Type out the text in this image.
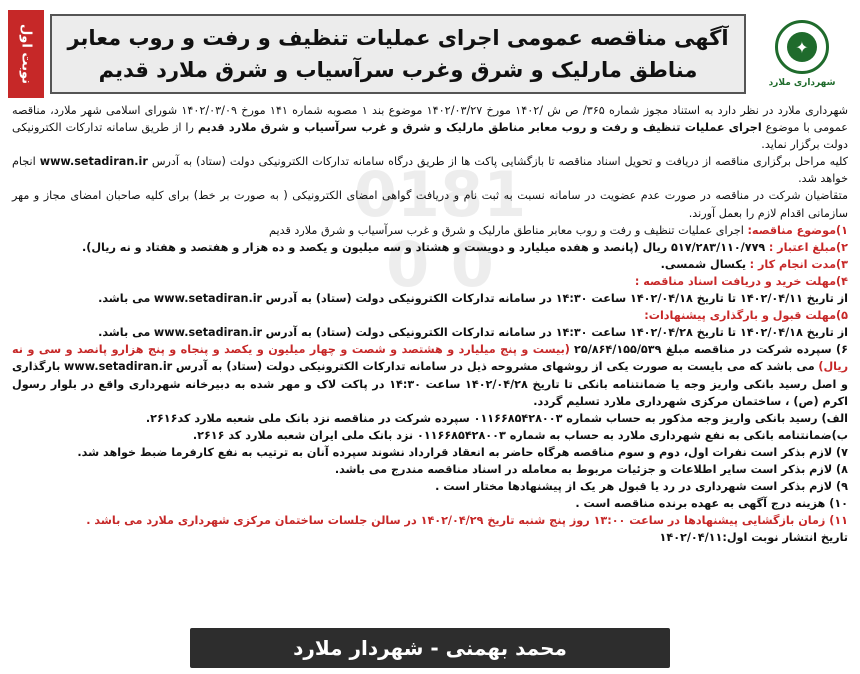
✦
شهرداری ملارد
آگهی مناقصه عمومی اجرای عملیات تنظیف و رفت و روب معابر
مناطق مارلیک و شرق وغرب سرآسیاب و شرق ملارد قدیم
نوبت اول
0181
0 0

شهرداری ملارد در نظر دارد به استناد مجوز شماره ۳۶۵/ ص ش /۱۴۰۲ مورخ ۱۴۰۲/۰۳/۲۷ موضوع بند ۱ مصوبه شماره ۱۴۱ مورخ ۱۴۰۲/۰۳/۰۹ شورای اسلامی شهر ملارد، مناقصه عمومی با موضوع اجرای عملیات تنظیف و رفت و روب معابر مناطق مارلیک و شرق و غرب سرآسیاب و شرق ملارد قدیم را از طریق سامانه تدارکات الکترونیکی دولت برگزار نماید.

کلیه مراحل برگزاری مناقصه از دریافت و تحویل اسناد مناقصه تا بازگشایی پاکت ها از طریق درگاه سامانه تدارکات الکترونیکی دولت (ستاد) به آدرس www.setadiran.ir انجام خواهد شد.

متقاضیان شرکت در مناقصه در صورت عدم عضویت در سامانه نسبت به ثبت نام و دریافت گواهی امضای الکترونیکی ( به صورت بر خط) برای کلیه صاحبان امضای مجاز و مهر سازمانی اقدام لازم را بعمل آورند.

۱)موضوع مناقصه: اجرای عملیات تنظیف و رفت و روب معابر مناطق مارلیک و شرق و غرب سرآسیاب و شرق ملارد قدیم

۲)مبلغ اعتبار : ۵۱۷/۲۸۳/۱۱۰/۷۷۹ ریال (پانصد و هفده میلیارد و دویست و هشتاد و سه میلیون و یکصد و ده هزار و هفتصد و هفتاد و نه ریال).

۳)مدت انجام کار : یکسال شمسی.

۴)مهلت خرید و دریافت اسناد مناقصه :

از تاریخ ۱۴۰۲/۰۴/۱۱ تا تاریخ ۱۴۰۲/۰۴/۱۸ ساعت ۱۴:۳۰ در سامانه تدارکات الکترونیکی دولت (ستاد) به آدرس www.setadiran.ir می باشد.

۵)مهلت قبول و بارگذاری پیشنهادات:

از تاریخ ۱۴۰۲/۰۴/۱۸ تا تاریخ ۱۴۰۲/۰۴/۲۸ ساعت ۱۴:۳۰ در سامانه تدارکات الکترونیکی دولت (ستاد) به آدرس www.setadiran.ir می باشد.

۶) سپرده شرکت در مناقصه مبلغ ۲۵/۸۶۴/۱۵۵/۵۳۹ (بیست و پنج میلیارد و هشتصد و شصت و چهار میلیون و یکصد و پنجاه و پنج هزارو پانصد و سی و نه ریال) می باشد که می بایست به صورت یکی از روشهای مشروحه ذیل در سامانه تدارکات الکترونیکی دولت (ستاد) به آدرس www.setadiran.ir بارگذاری و اصل رسید بانکی واریز وجه یا ضمانتنامه بانکی تا تاریخ ۱۴۰۲/۰۴/۲۸ ساعت ۱۴:۳۰ در پاکت لاک و مهر شده به دبیرخانه شهرداری واقع در بلوار رسول اکرم (ص) ، ساختمان مرکزی شهرداری ملارد تسلیم گردد.

الف) رسید بانکی واریز وجه مذکور به حساب شماره ۰۱۱۶۶۸۵۴۲۸۰۰۳ سپرده شرکت در مناقصه نزد بانک ملی شعبه ملارد کد۲۶۱۶.

ب)ضمانتنامه بانکی به نفع شهرداری ملارد به حساب به شماره ۰۱۱۶۶۸۵۴۲۸۰۰۳ نزد بانک ملی ایران شعبه ملارد کد ۲۶۱۶.

۷) لازم بذکر است نفرات اول، دوم و سوم مناقصه هرگاه حاضر به انعقاد قرارداد نشوند سپرده آنان به ترتیب به نفع کارفرما ضبط خواهد شد.

۸) لازم بذکر است سایر اطلاعات و جزئیات مربوط به معامله در اسناد مناقصه مندرج می باشد.

۹) لازم بذکر است شهرداری در رد یا قبول هر یک از پیشنهادها مختار است .

۱۰) هزینه درج آگهی به عهده برنده مناقصه است .

۱۱) زمان بازگشایی پیشنهادها در ساعت ۱۳:۰۰ روز پنج شنبه تاریخ ۱۴۰۲/۰۴/۲۹ در سالن جلسات ساختمان مرکزی شهرداری ملارد می باشد .

تاریخ انتشار نوبت اول:۱۴۰۲/۰۴/۱۱

محمد بهمنی - شهردار ملارد
